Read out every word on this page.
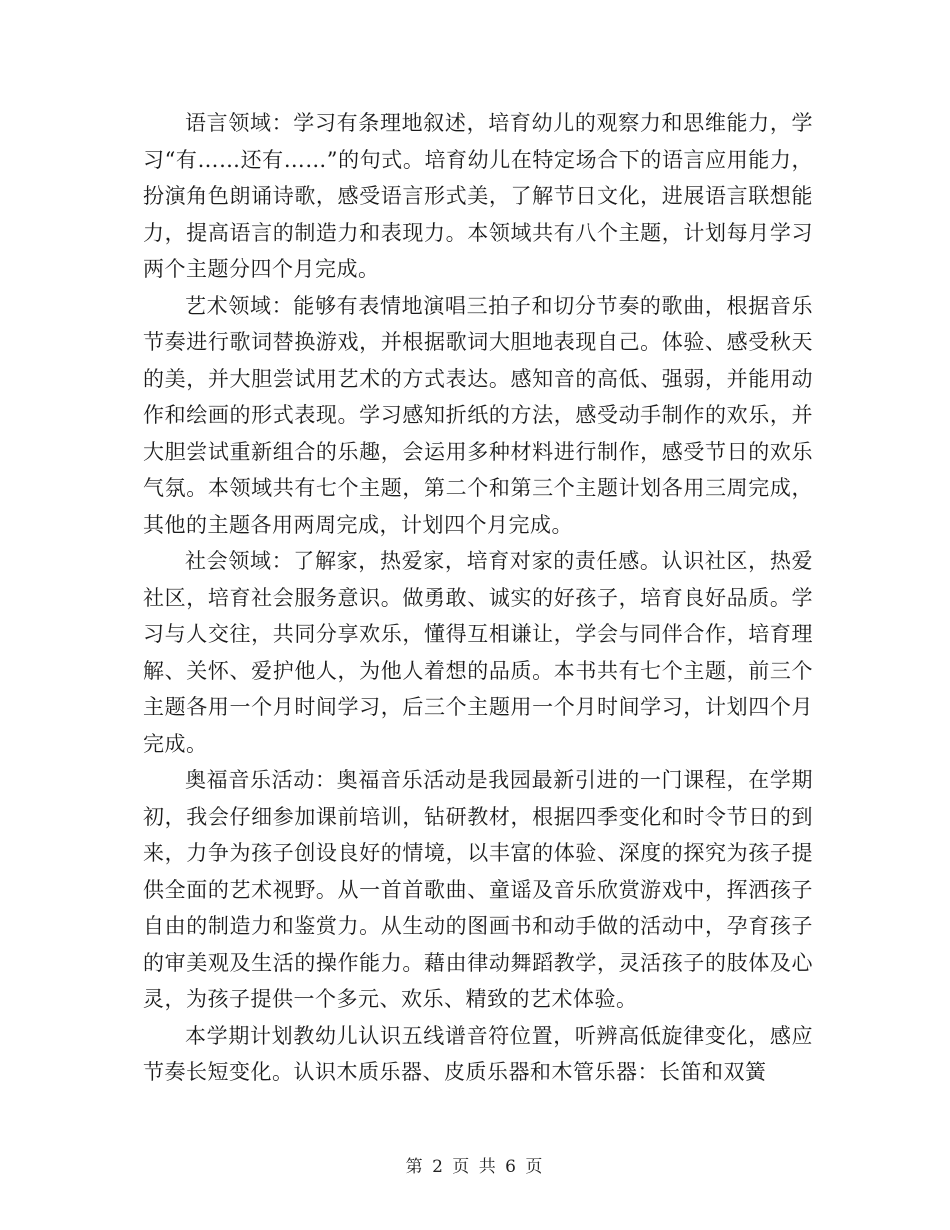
语言领域：学习有条理地叙述，培育幼儿的观察力和思维能力，学习“有……还有……”的句式。培育幼儿在特定场合下的语言应用能力，扮演角色朗诵诗歌，感受语言形式美，了解节日文化，进展语言联想能力，提高语言的制造力和表现力。本领域共有八个主题，计划每月学习两个主题分四个月完成。

艺术领域：能够有表情地演唱三拍子和切分节奏的歌曲，根据音乐节奏进行歌词替换游戏，并根据歌词大胆地表现自己。体验、感受秋天的美，并大胆尝试用艺术的方式表达。感知音的高低、强弱，并能用动作和绘画的形式表现。学习感知折纸的方法，感受动手制作的欢乐，并大胆尝试重新组合的乐趣，会运用多种材料进行制作，感受节日的欢乐气氛。本领域共有七个主题，第二个和第三个主题计划各用三周完成，其他的主题各用两周完成，计划四个月完成。

社会领域：了解家，热爱家，培育对家的责任感。认识社区，热爱社区，培育社会服务意识。做勇敢、诚实的好孩子，培育良好品质。学习与人交往，共同分享欢乐，懂得互相谦让，学会与同伴合作，培育理解、关怀、爱护他人，为他人着想的品质。本书共有七个主题，前三个主题各用一个月时间学习，后三个主题用一个月时间学习，计划四个月完成。

奥福音乐活动：奥福音乐活动是我园最新引进的一门课程，在学期初，我会仔细参加课前培训，钻研教材，根据四季变化和时令节日的到来，力争为孩子创设良好的情境，以丰富的体验、深度的探究为孩子提供全面的艺术视野。从一首首歌曲、童谣及音乐欣赏游戏中，挥洒孩子自由的制造力和鉴赏力。从生动的图画书和动手做的活动中，孕育孩子的审美观及生活的操作能力。藉由律动舞蹈教学，灵活孩子的肢体及心灵，为孩子提供一个多元、欢乐、精致的艺术体验。

本学期计划教幼儿认识五线谱音符位置，听辨高低旋律变化，感应节奏长短变化。认识木质乐器、皮质乐器和木管乐器：长笛和双簧

第 2 页 共 6 页
